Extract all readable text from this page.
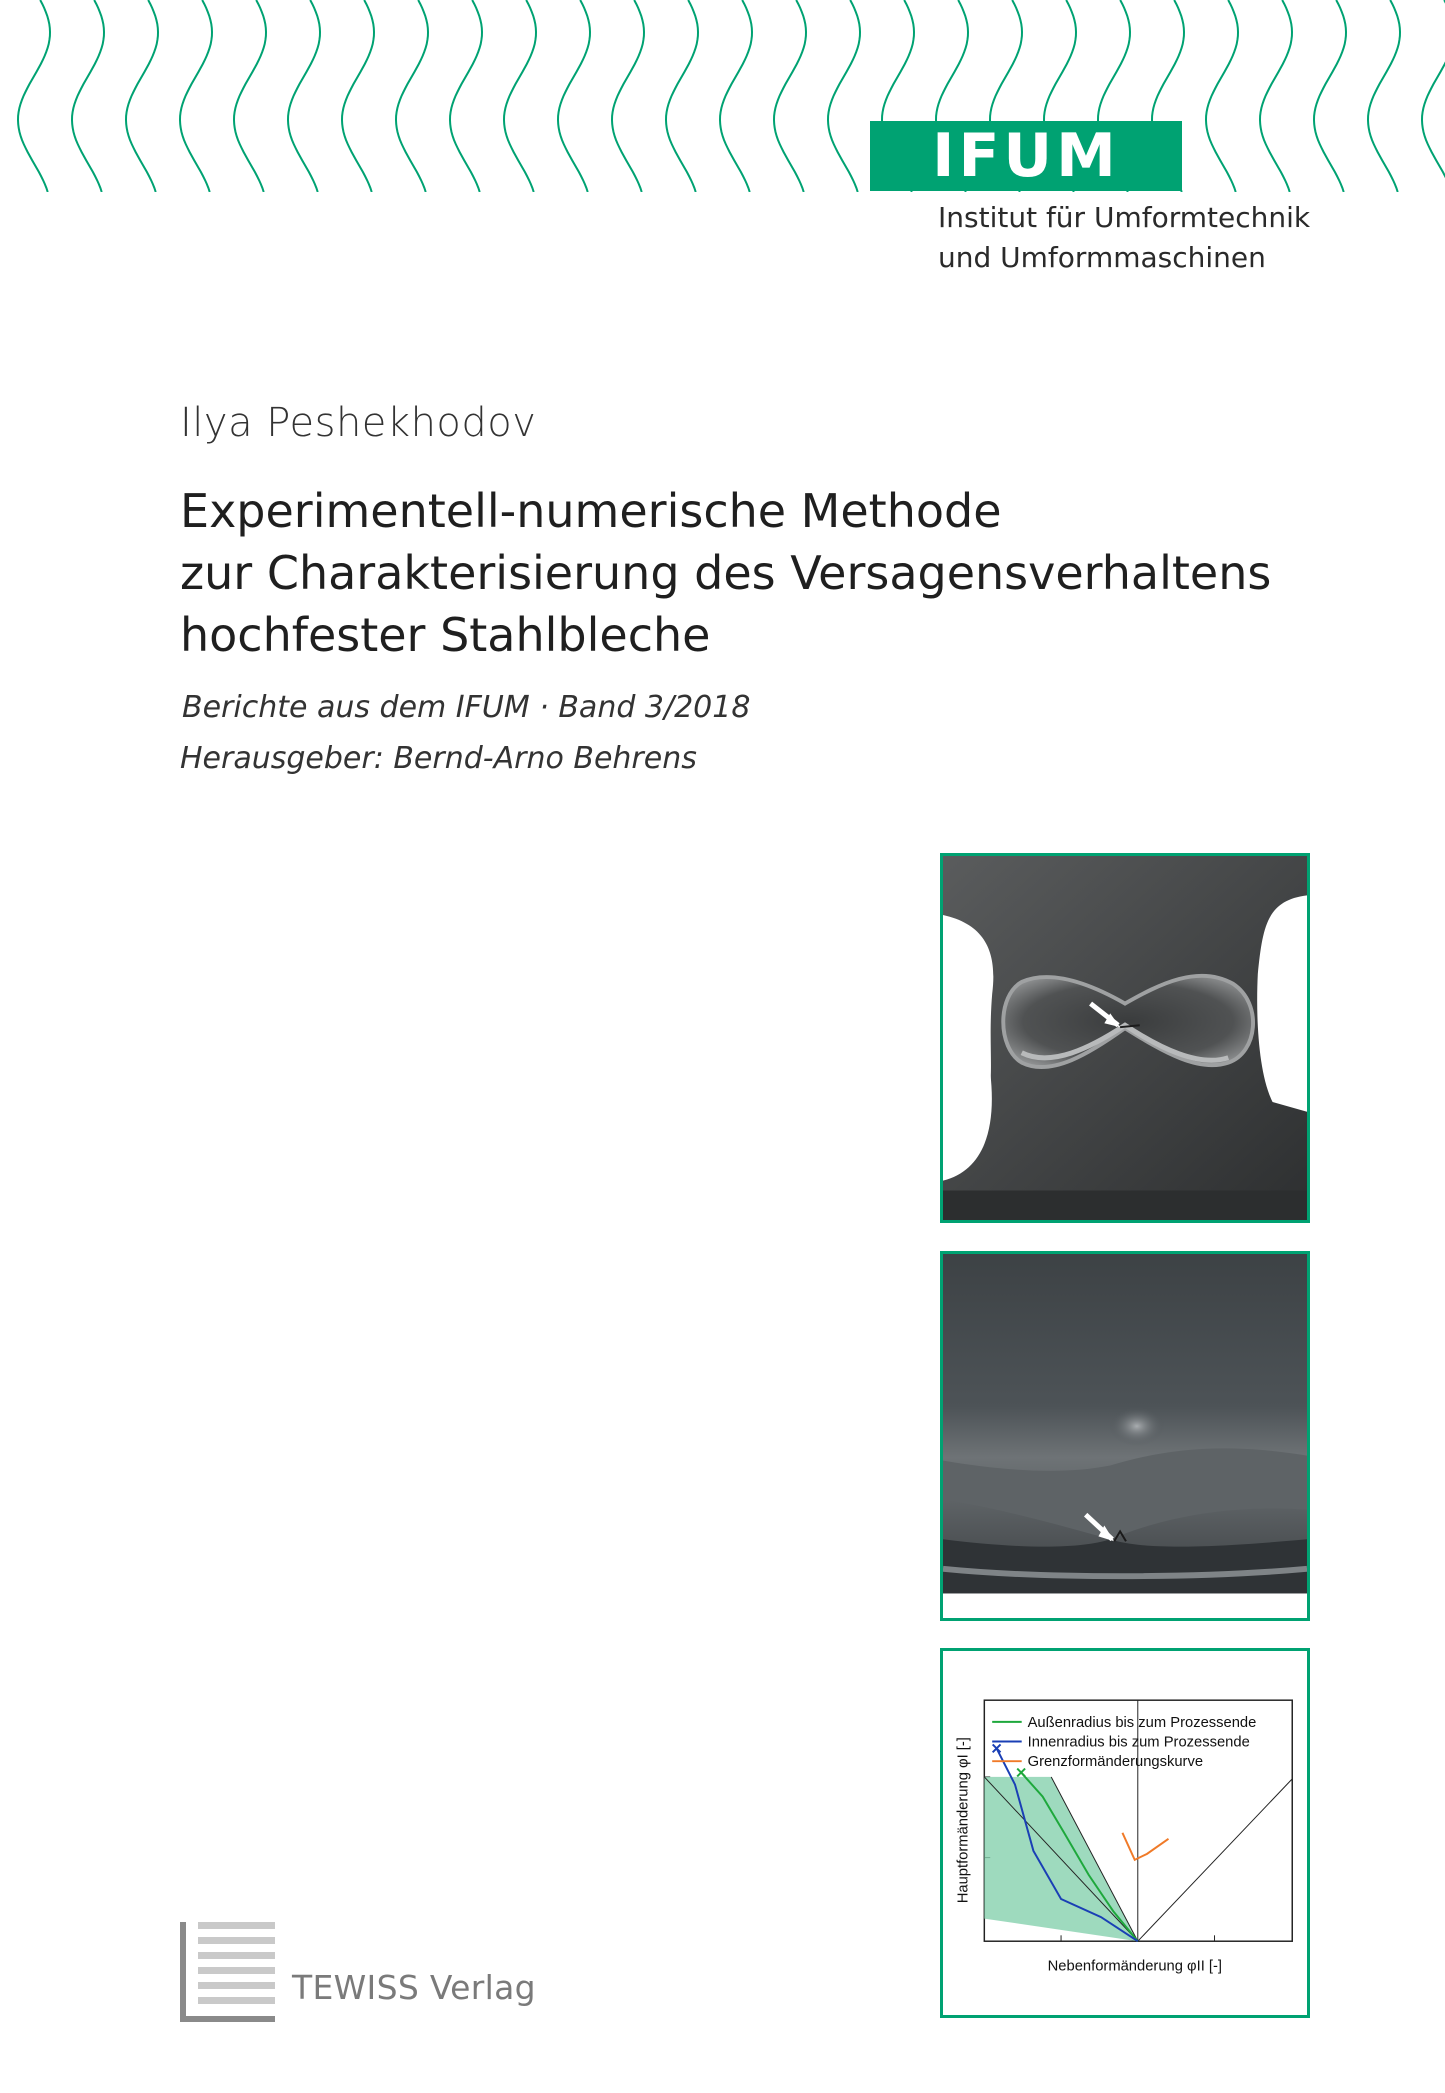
IFUM
Institut für Umformtechnik
und Umformmaschinen
Ilya Peshekhodov
Experimentell-numerische Methode
zur Charakterisierung des Versagensverhaltens
hochfester Stahlbleche
Berichte aus dem IFUM · Band 3/2018
Herausgeber: Bernd-Arno Behrens
Außenradius bis zum Prozessende
Innenradius bis zum Prozessende
Grenzformänderungskurve
Nebenformänderung φII [-]
Hauptformänderung φI [-]
TEWISS Verlag
